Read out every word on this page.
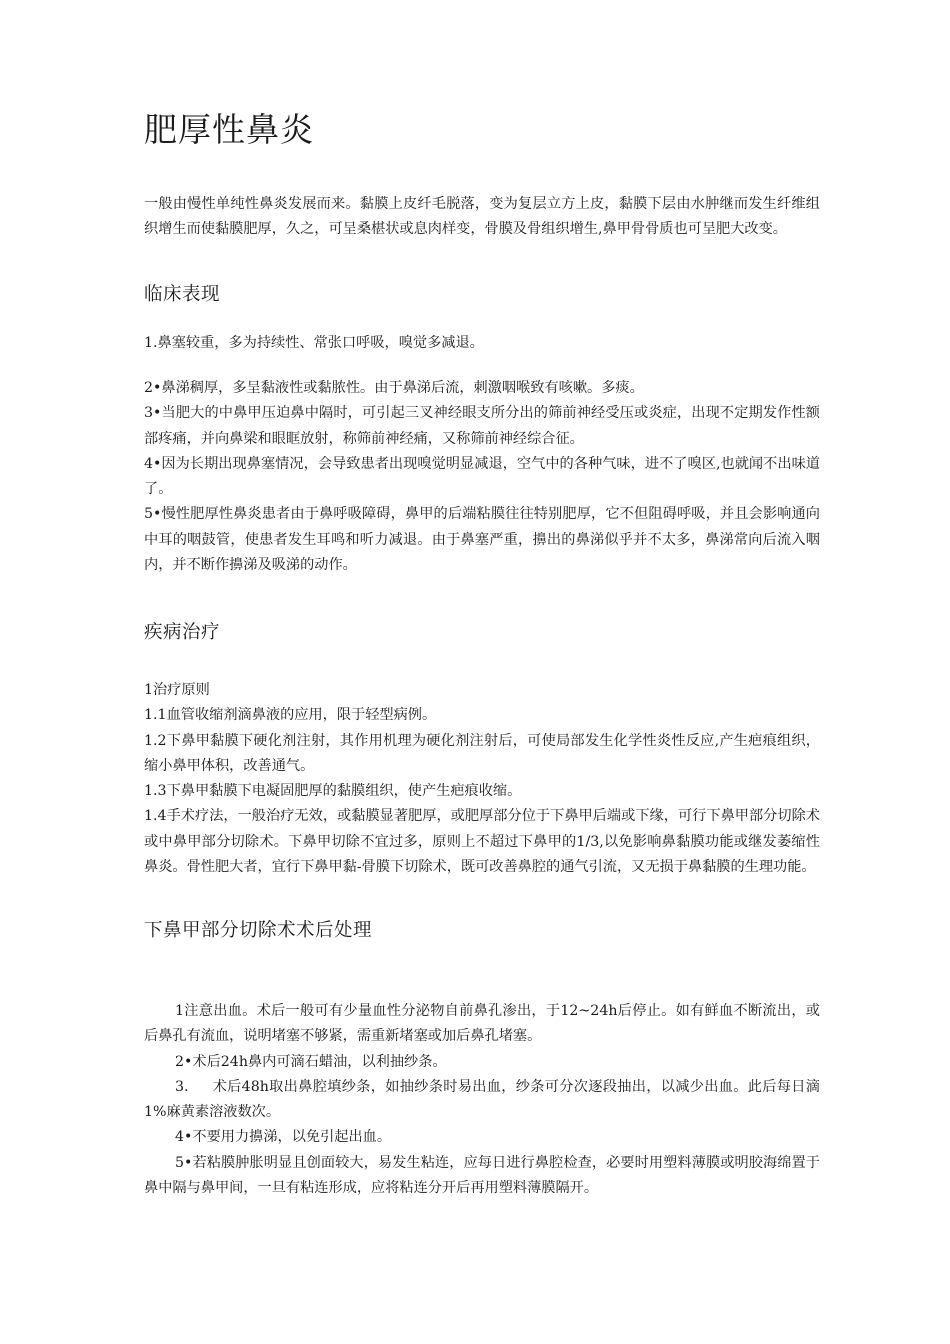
肥厚性鼻炎

一般由慢性单纯性鼻炎发展而来。黏膜上皮纤毛脱落，变为复层立方上皮，黏膜下层由水肿继而发生纤维组织增生而使黏膜肥厚，久之，可呈桑椹状或息肉样变，骨膜及骨组织增生,鼻甲骨骨质也可呈肥大改变。

临床表现

1.鼻塞较重，多为持续性、常张口呼吸，嗅觉多减退。

2•鼻涕稠厚，多呈黏液性或黏脓性。由于鼻涕后流，刺激咽喉致有咳嗽。多痰。

3•当肥大的中鼻甲压迫鼻中隔时，可引起三叉神经眼支所分出的筛前神经受压或炎症，出现不定期发作性额部疼痛，并向鼻梁和眼眶放射，称筛前神经痛，又称筛前神经综合征。

4•因为长期出现鼻塞情况，会导致患者出现嗅觉明显减退，空气中的各种气味，进不了嗅区,也就闻不出味道了。

5•慢性肥厚性鼻炎患者由于鼻呼吸障碍，鼻甲的后端粘膜往往特别肥厚，它不但阻碍呼吸，并且会影响通向中耳的咽鼓管，使患者发生耳鸣和听力减退。由于鼻塞严重，擤出的鼻涕似乎并不太多，鼻涕常向后流入咽内，并不断作擤涕及吸涕的动作。

疾病治疗

1治疗原则

1.1血管收缩剂滴鼻液的应用，限于轻型病例。

1.2下鼻甲黏膜下硬化剂注射，其作用机理为硬化剂注射后，可使局部发生化学性炎性反应,产生疤痕组织，缩小鼻甲体积，改善通气。

1.3下鼻甲黏膜下电凝固肥厚的黏膜组织，使产生疤痕收缩。

1.4手术疗法，一般治疗无效，或黏膜显著肥厚，或肥厚部分位于下鼻甲后端或下缘，可行下鼻甲部分切除术或中鼻甲部分切除术。下鼻甲切除不宜过多，原则上不超过下鼻甲的1/3,以免影响鼻黏膜功能或继发萎缩性鼻炎。骨性肥大者，宜行下鼻甲黏-骨膜下切除术，既可改善鼻腔的通气引流，又无损于鼻黏膜的生理功能。

下鼻甲部分切除术术后处理

1注意出血。术后一般可有少量血性分泌物自前鼻孔渗出，于12~24h后停止。如有鲜血不断流出，或后鼻孔有流血，说明堵塞不够紧，需重新堵塞或加后鼻孔堵塞。

2•术后24h鼻内可滴石蜡油，以利抽纱条。

3.     术后48h取出鼻腔填纱条，如抽纱条时易出血，纱条可分次逐段抽出，以减少出血。此后每日滴1%麻黄素溶液数次。

4•不要用力擤涕，以免引起出血。

5•若粘膜肿胀明显且创面较大，易发生粘连，应每日进行鼻腔检查，必要时用塑料薄膜或明胶海绵置于鼻中隔与鼻甲间，一旦有粘连形成，应将粘连分开后再用塑料薄膜隔开。
